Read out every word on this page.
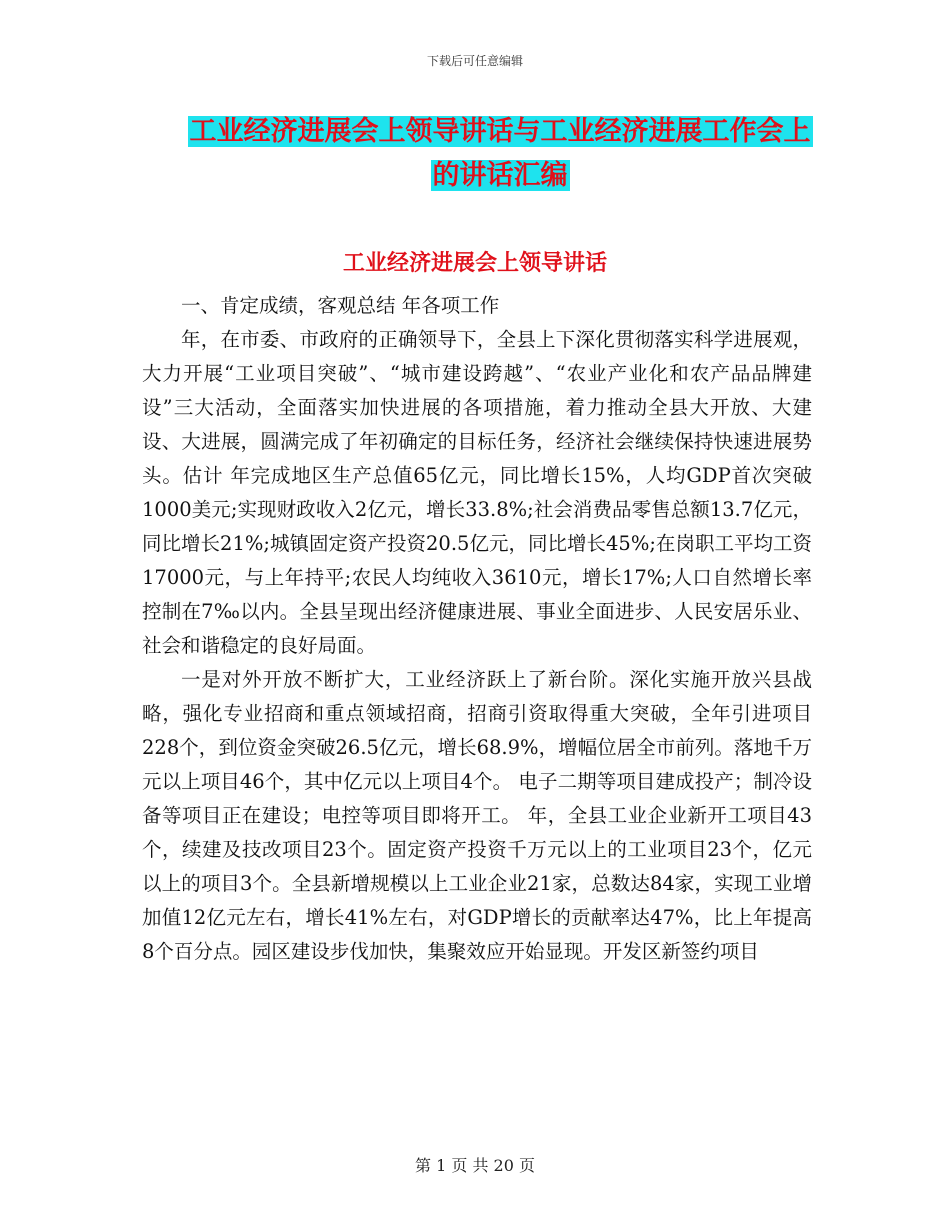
下载后可任意编辑
工业经济进展会上领导讲话与工业经济进展工作会上
的讲话汇编
工业经济进展会上领导讲话

一、肯定成绩，客观总结 年各项工作

年，在市委、市政府的正确领导下，全县上下深化贯彻落实科学进展观，大力开展“工业项目突破”、“城市建设跨越”、“农业产业化和农产品品牌建设”三大活动，全面落实加快进展的各项措施，着力推动全县大开放、大建设、大进展，圆满完成了年初确定的目标任务，经济社会继续保持快速进展势头。估计 年完成地区生产总值65亿元，同比增长15%，人均GDP首次突破1000美元;实现财政收入2亿元，增长33.8%;社会消费品零售总额13.7亿元，同比增长21%;城镇固定资产投资20.5亿元，同比增长45%;在岗职工平均工资17000元，与上年持平;农民人均纯收入3610元，增长17%;人口自然增长率控制在7‰以内。全县呈现出经济健康进展、事业全面进步、人民安居乐业、社会和谐稳定的良好局面。

一是对外开放不断扩大，工业经济跃上了新台阶。深化实施开放兴县战略，强化专业招商和重点领域招商，招商引资取得重大突破，全年引进项目228个，到位资金突破26.5亿元，增长68.9%，增幅位居全市前列。落地千万元以上项目46个，其中亿元以上项目4个。 电子二期等项目建成投产；制冷设备等项目正在建设；电控等项目即将开工。 年，全县工业企业新开工项目43个，续建及技改项目23个。固定资产投资千万元以上的工业项目23个，亿元以上的项目3个。全县新增规模以上工业企业21家，总数达84家，实现工业增加值12亿元左右，增长41%左右，对GDP增长的贡献率达47%，比上年提高8个百分点。园区建设步伐加快，集聚效应开始显现。开发区新签约项目

第 1 页 共 20 页
